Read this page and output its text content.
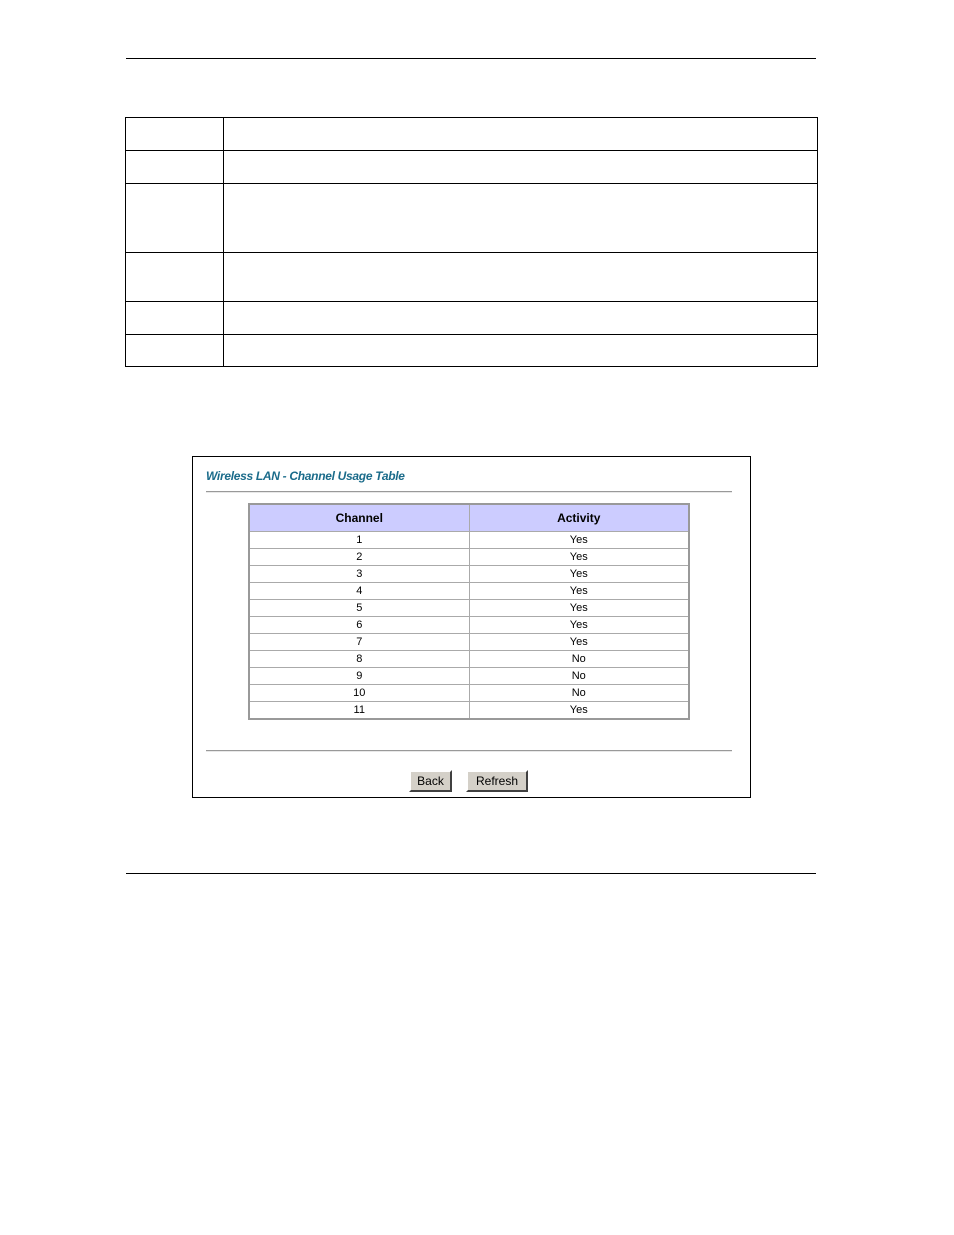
Wireless LAN - Channel Usage Table
Channel	Activity
1	Yes
2	Yes
3	Yes
4	Yes
5	Yes
6	Yes
7	Yes
8	No
9	No
10	No
11	Yes
Back	Refresh
